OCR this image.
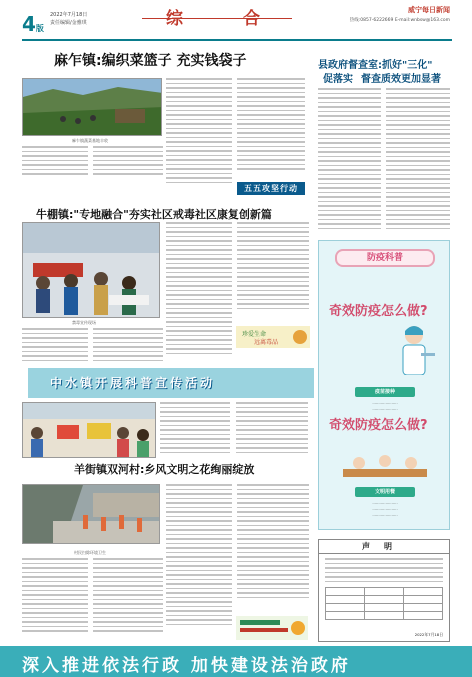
4版
2022年7月18日
责任编辑/金雅琪	综合	威宁每日新闻
热线:0857-6222669 E-mail:wnbsw@163.com
麻乍镇:编织菜篮子 充实钱袋子
麻乍镇蔬菜基地丰收
五五攻坚行动
县政府督查室:抓好"三化"
促落实 督查质效更加显著
牛棚镇:"专地融合"夯实社区戒毒社区康复创新篇
禁毒宣传现场
珍爱生命
远离毒品
中水镇开展科普宣传活动
羊街镇双河村:乡风文明之花绚丽绽放
村民扫除环境卫生
防疫科普
奇效防疫怎么做?
疫苗接种
·····················
·····················
奇效防疫怎么做?
文明用餐
·····················
·····················
·····················
声明

2022年7月18日
深入推进依法行政 加快建设法治政府
